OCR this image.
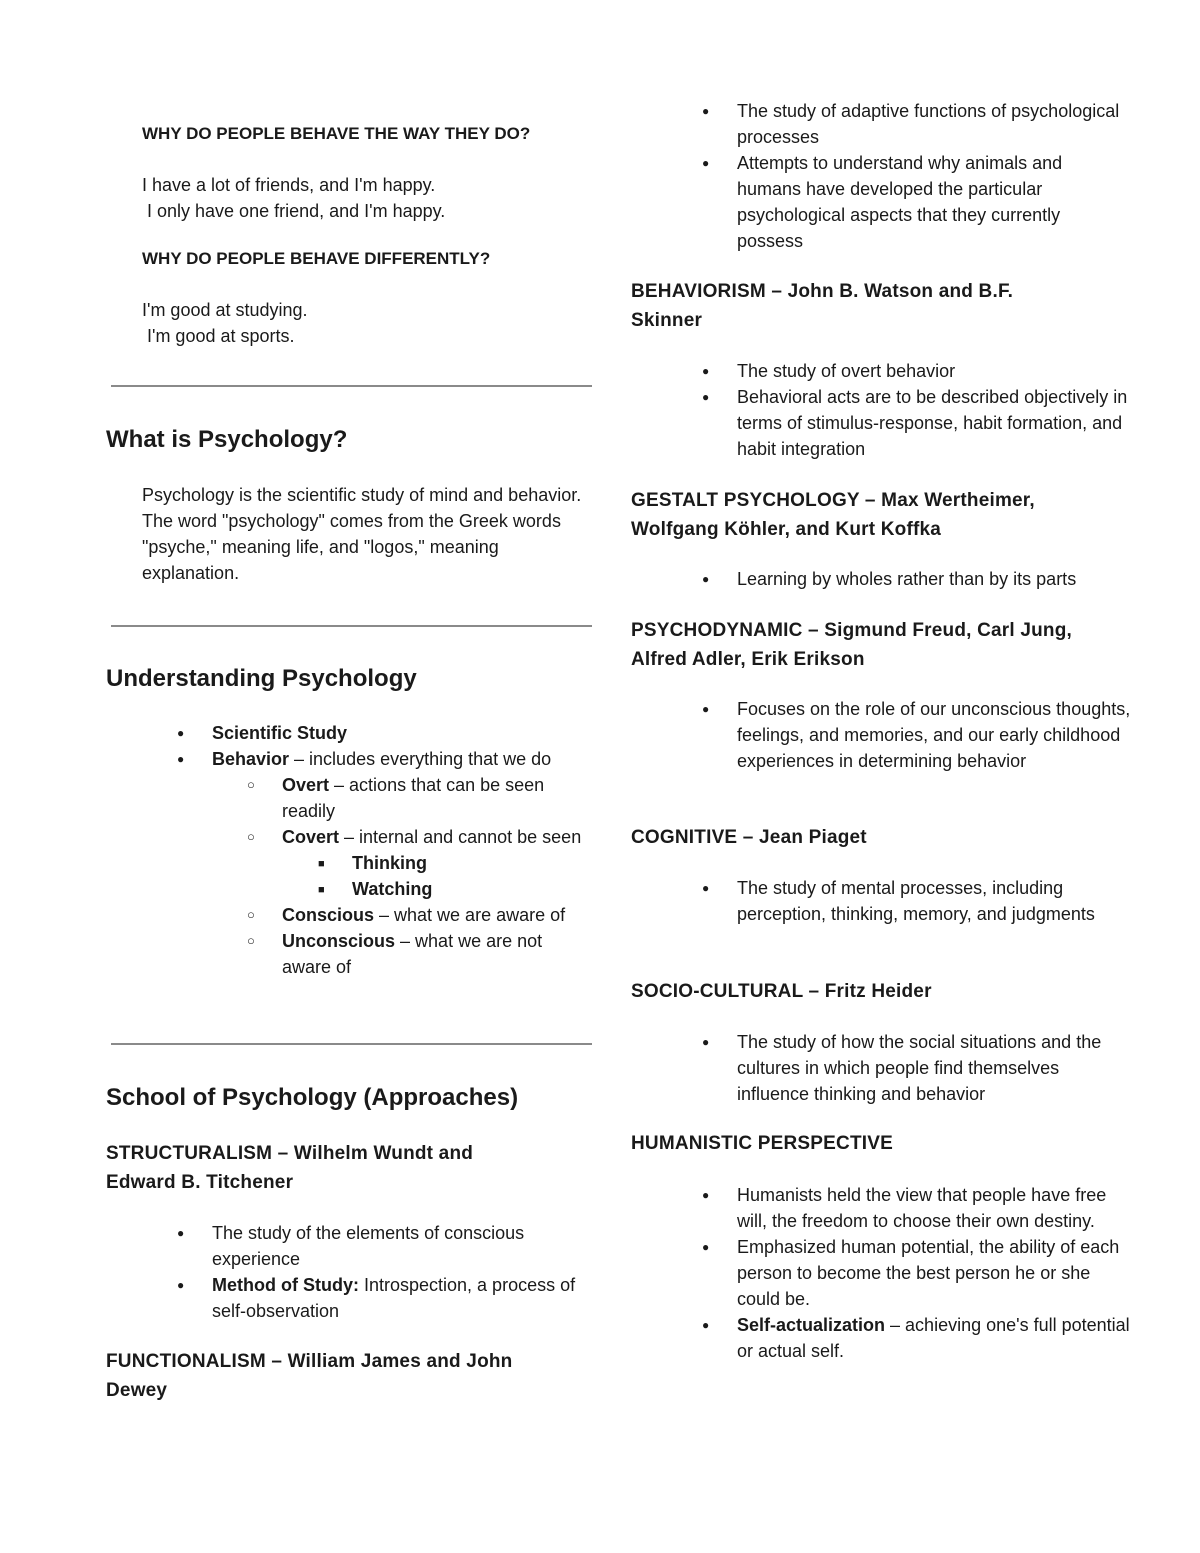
WHY DO PEOPLE BEHAVE THE WAY THEY DO?

I have a lot of friends, and I'm happy.

I only have one friend, and I'm happy.

WHY DO PEOPLE BEHAVE DIFFERENTLY?

I'm good at studying.

I'm good at sports.

What is Psychology?

Psychology is the scientific study of mind and behavior. The word "psychology" comes from the Greek words "psyche," meaning life, and "logos," meaning explanation.

Understanding Psychology
● Scientific Study
● Behavior – includes everything that we do
○ Overt – actions that can be seen readily
○ Covert – internal and cannot be seen
■ Thinking
■ Watching
○ Conscious – what we are aware of
○ Unconscious – what we are not aware of
School of Psychology (Approaches)

STRUCTURALISM – Wilhelm Wundt and Edward B. Titchener

● The study of the elements of conscious experience
● Method of Study: Introspection, a process of self-observation

FUNCTIONALISM – William James and John Dewey

● The study of adaptive functions of psychological processes
● Attempts to understand why animals and humans have developed the particular psychological aspects that they currently possess

BEHAVIORISM – John B. Watson and B.F. Skinner

● The study of overt behavior
● Behavioral acts are to be described objectively in terms of stimulus-response, habit formation, and habit integration

GESTALT PSYCHOLOGY – Max Wertheimer, Wolfgang Köhler, and Kurt Koffka

● Learning by wholes rather than by its parts

PSYCHODYNAMIC – Sigmund Freud, Carl Jung, Alfred Adler, Erik Erikson

● Focuses on the role of our unconscious thoughts, feelings, and memories, and our early childhood experiences in determining behavior

COGNITIVE – Jean Piaget

● The study of mental processes, including perception, thinking, memory, and judgments

SOCIO-CULTURAL – Fritz Heider

● The study of how the social situations and the cultures in which people find themselves influence thinking and behavior

HUMANISTIC PERSPECTIVE

● Humanists held the view that people have free will, the freedom to choose their own destiny.
● Emphasized human potential, the ability of each person to become the best person he or she could be.
● Self-actualization – achieving one's full potential or actual self.
